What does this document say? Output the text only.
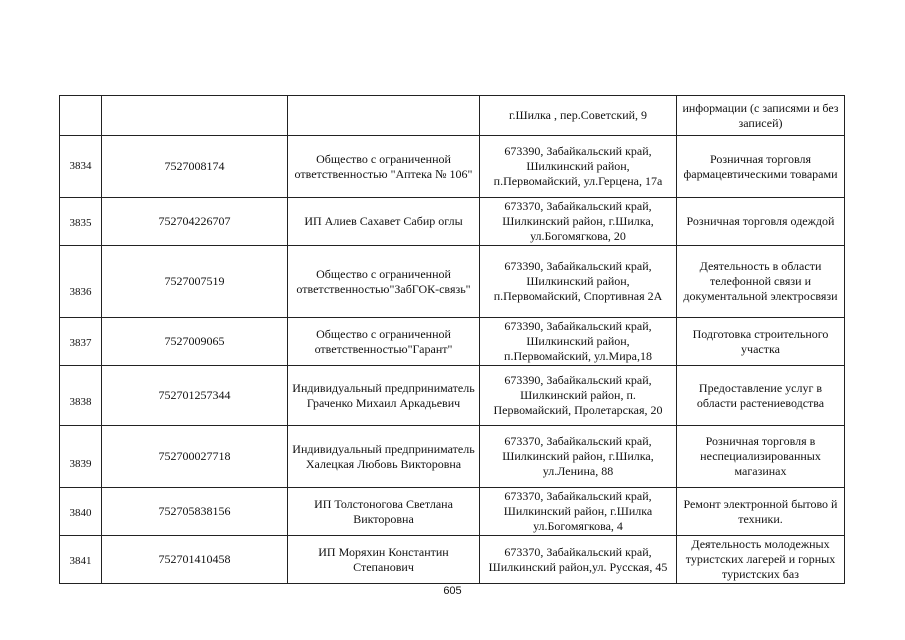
			г.Шилка , пер.Советский, 9	информации (с записями и без записей)
3834	7527008174	Общество с ограниченной ответственностью "Аптека № 106"	673390, Забайкальский край, Шилкинский район, п.Первомайский, ул.Герцена, 17а	Розничная торговля фармацевтическими товарами
3835	752704226707	ИП Алиев Сахавет Сабир оглы	673370, Забайкальский край, Шилкинский район, г.Шилка, ул.Богомягкова, 20	Розничная торговля одеждой
3836	7527007519	Общество с ограниченной ответственностью"ЗабГОК-связь"	673390, Забайкальский край, Шилкинский район, п.Первомайский, Спортивная 2А	Деятельность в области телефонной связи и документальной электросвязи
3837	7527009065	Общество с ограниченной ответственностью"Гарант"	673390, Забайкальский край, Шилкинский район, п.Первомайский, ул.Мира,18	Подготовка строительного участка
3838	752701257344	Индивидуальный предприниматель Граченко Михаил Аркадьевич	673390, Забайкальский край, Шилкинский район, п. Первомайский, Пролетарская, 20	Предоставление услуг в области растениеводства
3839	752700027718	Индивидуальный предприниматель Халецкая Любовь Викторовна	673370, Забайкальский край, Шилкинский район, г.Шилка, ул.Ленина, 88	Розничная торговля в неспециализированных магазинах
3840	752705838156	ИП Толстоногова Светлана Викторовна	673370, Забайкальский край, Шилкинский район, г.Шилка ул.Богомягкова, 4	Ремонт электронной бытово й техники.
3841	752701410458	ИП Моряхин Константин Степанович	673370, Забайкальский край, Шилкинский район,ул. Русская, 45	Деятельность молодежных туристских лагерей и горных туристских баз
605
